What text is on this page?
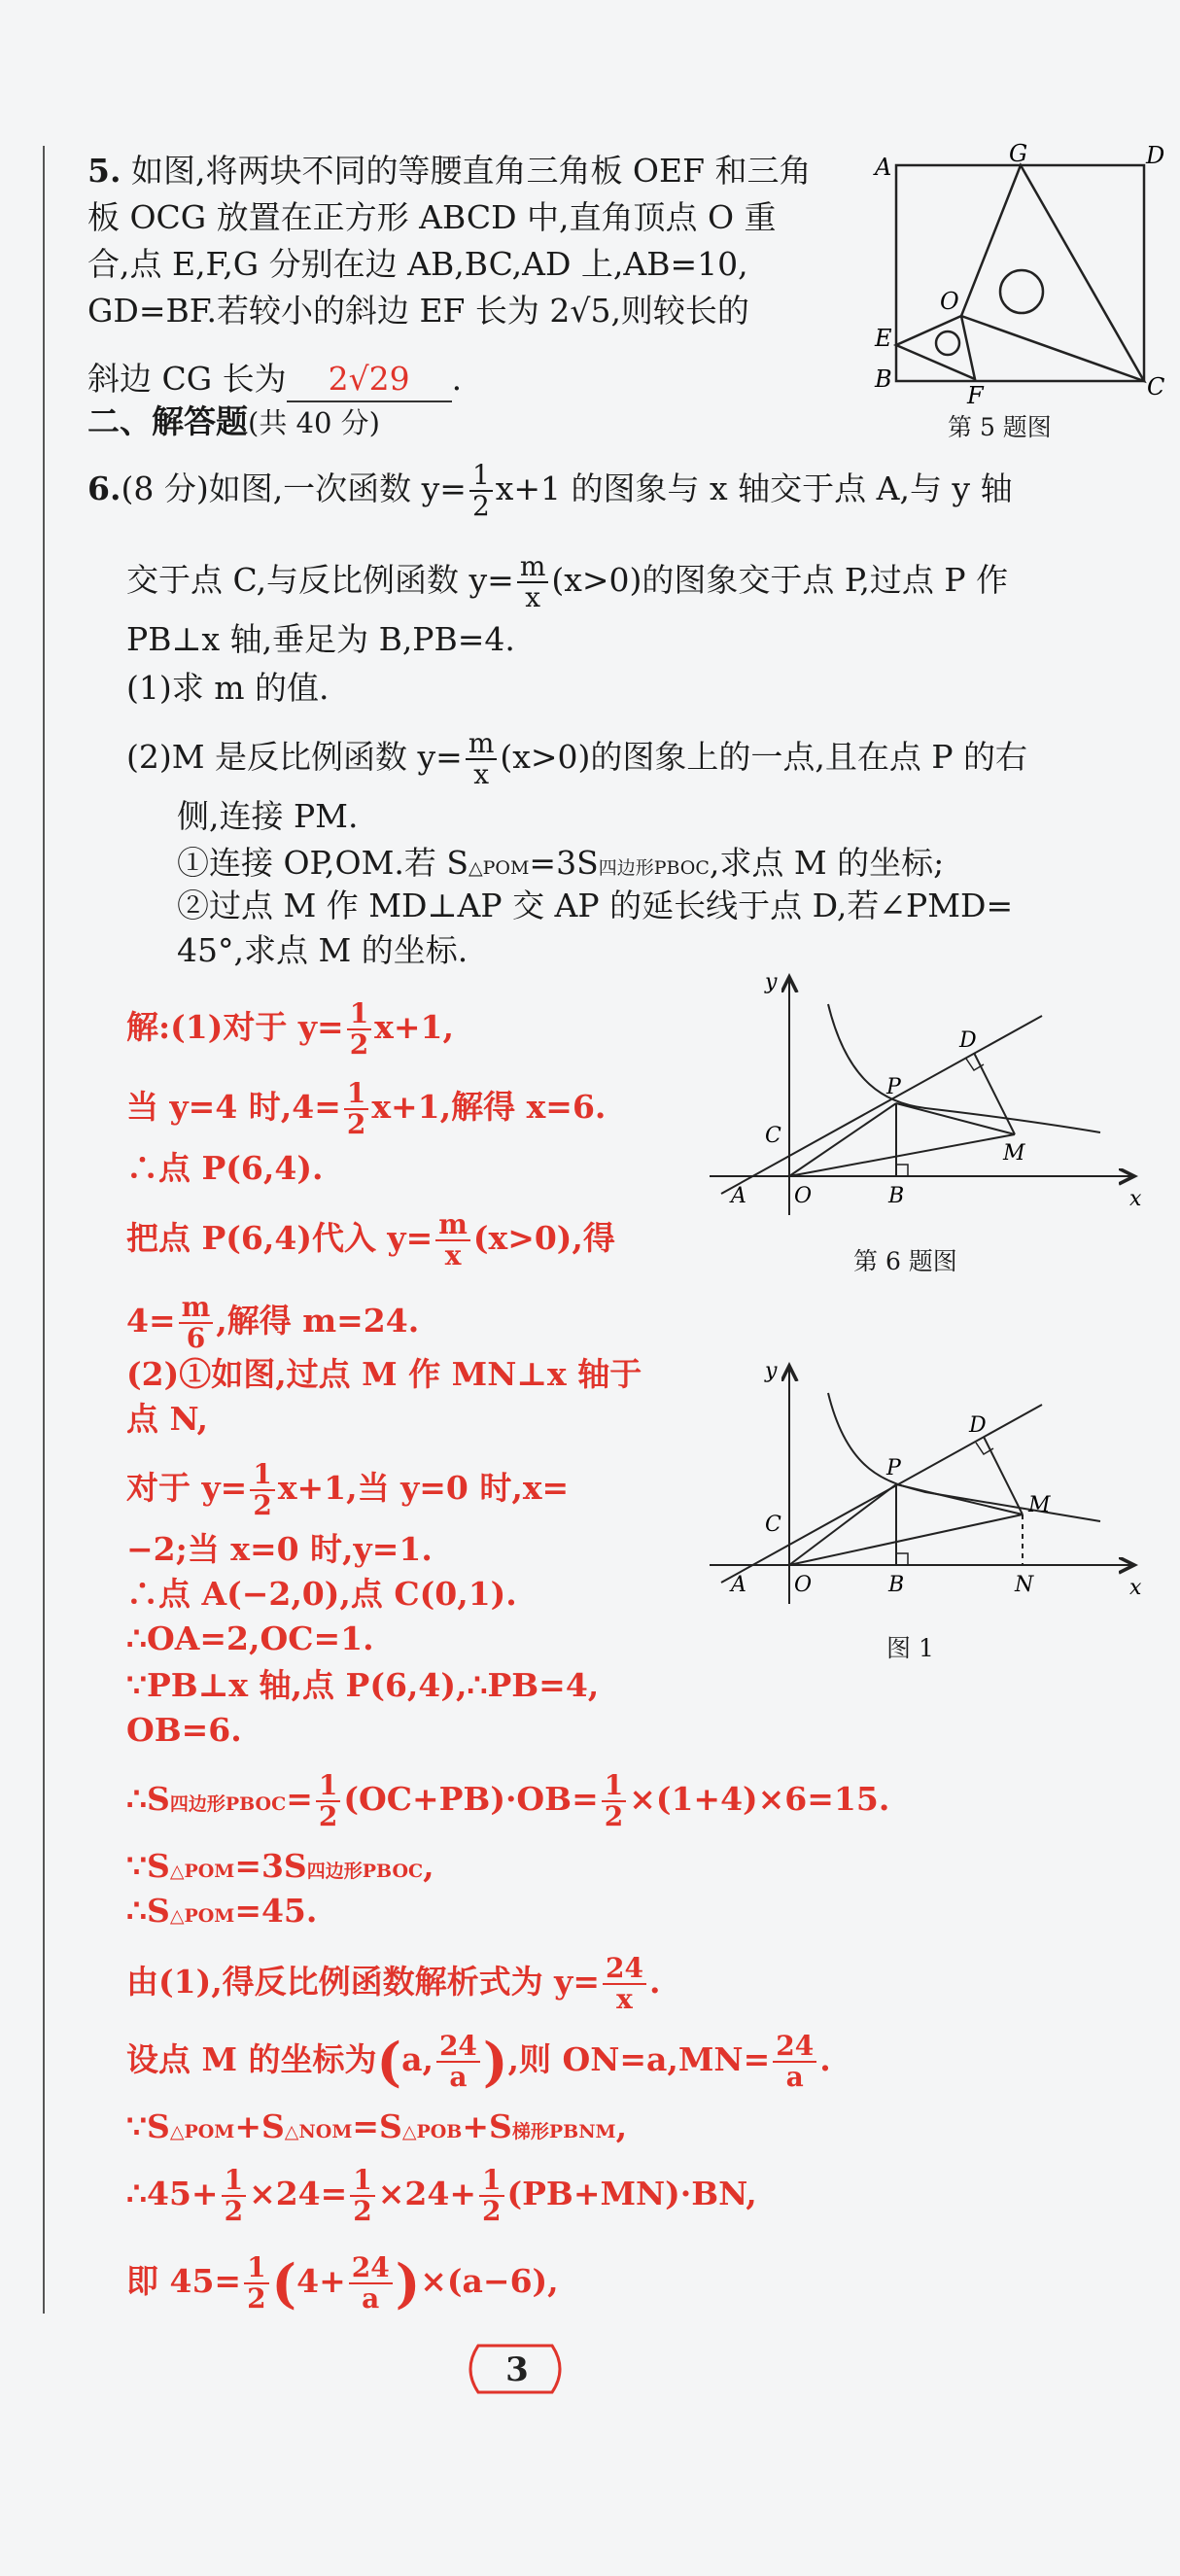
5. 如图,将两块不同的等腰直角三角板 OEF 和三角
板 OCG 放置在正方形 ABCD 中,直角顶点 O 重
合,点 E,F,G 分别在边 AB,BC,AD 上,AB=10,
GD=BF.若较小的斜边 EF 长为 2√5,则较长的
斜边 CG 长为 2√29 .
A	G	D
O
E
B
F	C
第 5 题图
二、解答题(共 40 分)
6.(8 分)如图,一次函数 $y= \frac{1}{2} x+1$ 的图象与 x 轴交于点 A,与 y 轴
交于点 C,与反比例函数 $y= \frac{m}{x} (x>0)$的图象交于点 P,过点 P 作
PB⊥x 轴,垂足为 B,PB=4.
(1)求 m 的值.
(2)M 是反比例函数 $y= \frac{m}{x} (x>0)$的图象上的一点,且在点 P 的右
侧,连接 PM.
①连接 OP,OM.若 S△POM=3S四边形PBOC,求点 M 的坐标;
②过点 M 作 MD⊥AP 交 AP 的延长线于点 D,若∠PMD=
45°,求点 M 的坐标.
y
x
A O	B
C
P
D
M
第 6 题图
y
x
A O	B	N
C
P
D
M
图 1
解:(1)对于 $y= \frac{1}{2} x+1$,
当 y=4 时$,4= \frac{1}{2} x+1$,解得 x=6.
∴点 P(6,4).
把点 P(6,4)代入 $y= \frac{m}{x} (x>0)$,得
$4= \frac{m}{6}$ ,解得 m=24.
(2)①如图,过点 M 作 MN⊥x 轴于
点 N,
对于 $y= \frac{1}{2} x+1$,当 y=0 时,x=
−2;当 x=0 时,y=1.
∴点 A(−2,0),点 C(0,1).
∴OA=2,OC=1.
∵PB⊥x 轴,点 P(6,4),∴PB=4,
OB=6.
∴S四边形PBOC= $\frac{1}{2} (OC+PB)\cdot OB= \frac{1}{2} \times(1+4)\times 6=15$.
∵S△POM=3S四边形PBOC,
∴S△POM=45.
由(1),得反比例函数解析式为 $y= \frac{24}{x}$ .
设点 M 的坐标为(a, $\frac{24}{a}$ ),则 $ON=a,MN= \frac{24}{a}$ .
∵S△POM+S△NOM=S△POB+S梯形PBNM,
∴45+ $\frac{1}{2} \times 24= \frac{1}{2} \times 24+ \frac{1}{2} (PB+MN)\cdot BN$,
即 $45= \frac{1}{2} (4+ \frac{24}{a} )\times(a-6)$,
3
